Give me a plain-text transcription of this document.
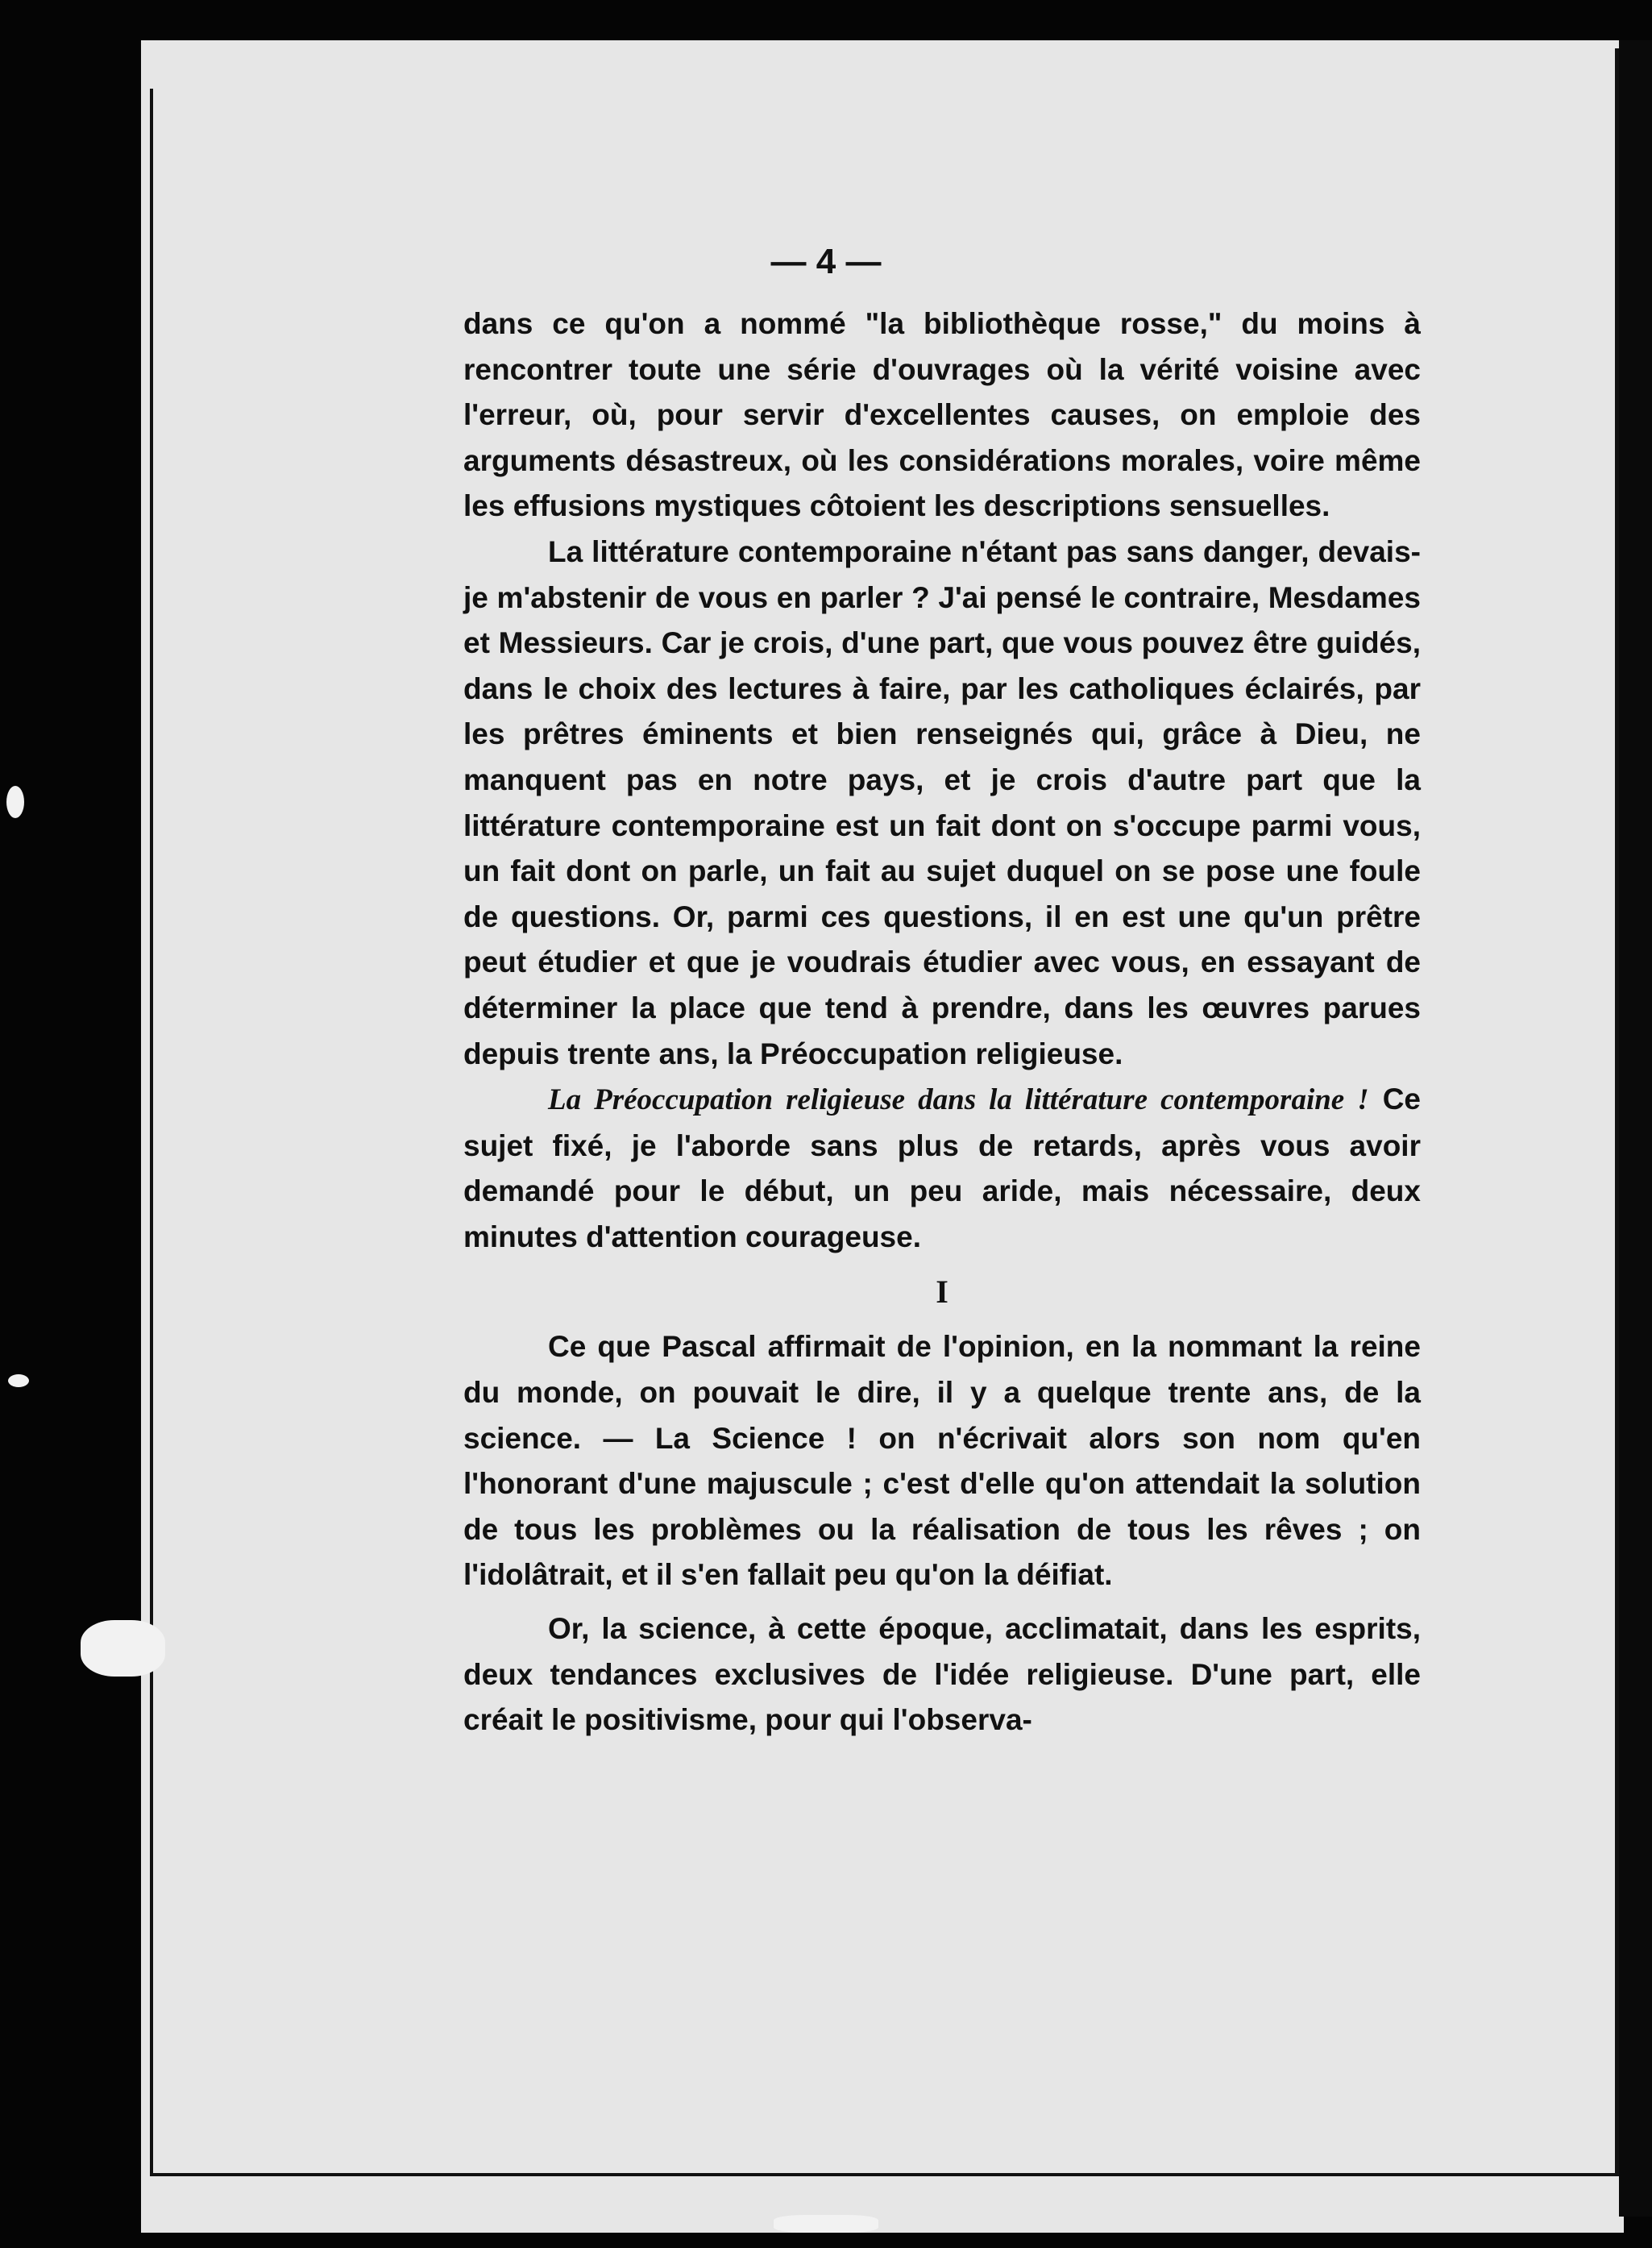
— 4 —

dans ce qu'on a nommé "la bibliothèque rosse," du moins à rencontrer toute une série d'ouvrages où la vérité voisine avec l'erreur, où, pour servir d'excellentes causes, on emploie des arguments désastreux, où les considérations morales, voire même les effusions mystiques côtoient les descriptions sensuelles.

La littérature contemporaine n'étant pas sans danger, devais-je m'abstenir de vous en parler ? J'ai pensé le contraire, Mesdames et Messieurs. Car je crois, d'une part, que vous pouvez être guidés, dans le choix des lectures à faire, par les catholiques éclairés, par les prêtres éminents et bien renseignés qui, grâce à Dieu, ne manquent pas en notre pays, et je crois d'autre part que la littérature contemporaine est un fait dont on s'occupe parmi vous, un fait dont on parle, un fait au sujet duquel on se pose une foule de questions. Or, parmi ces questions, il en est une qu'un prêtre peut étudier et que je voudrais étudier avec vous, en essayant de déterminer la place que tend à prendre, dans les œuvres parues depuis trente ans, la Préoccupation religieuse.

La Préoccupation religieuse dans la littérature contemporaine ! Ce sujet fixé, je l'aborde sans plus de retards, après vous avoir demandé pour le début, un peu aride, mais nécessaire, deux minutes d'attention courageuse.

I

Ce que Pascal affirmait de l'opinion, en la nommant la reine du monde, on pouvait le dire, il y a quelque trente ans, de la science. — La Science ! on n'écrivait alors son nom qu'en l'honorant d'une majuscule ; c'est d'elle qu'on attendait la solution de tous les problèmes ou la réalisation de tous les rêves ; on l'idolâtrait, et il s'en fallait peu qu'on la déifiat.

Or, la science, à cette époque, acclimatait, dans les esprits, deux tendances exclusives de l'idée religieuse. D'une part, elle créait le positivisme, pour qui l'observa-
